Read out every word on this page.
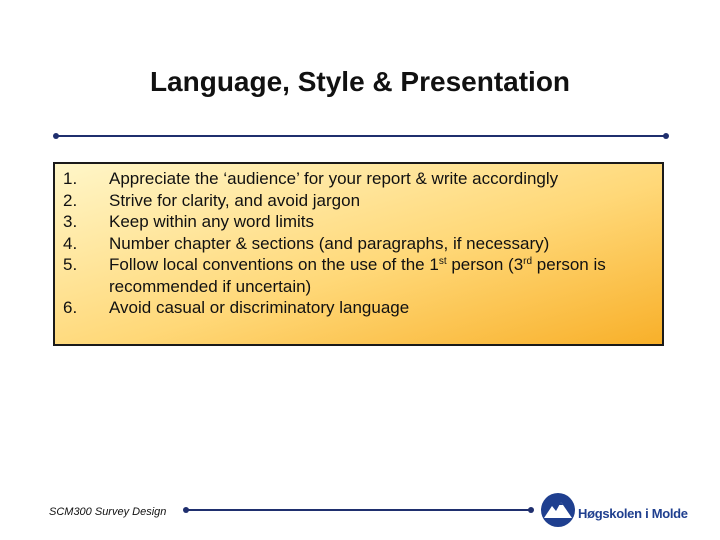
Language, Style & Presentation
1.	Appreciate the ‘audience’ for your report & write accordingly
2.	Strive for clarity, and avoid jargon
3.	Keep within any word limits
4.	Number chapter & sections (and paragraphs, if necessary)
5.	Follow local conventions on the use of the 1st person (3rd person is recommended if uncertain)
6.	Avoid casual or discriminatory language
SCM300 Survey Design	Høgskolen i Molde
